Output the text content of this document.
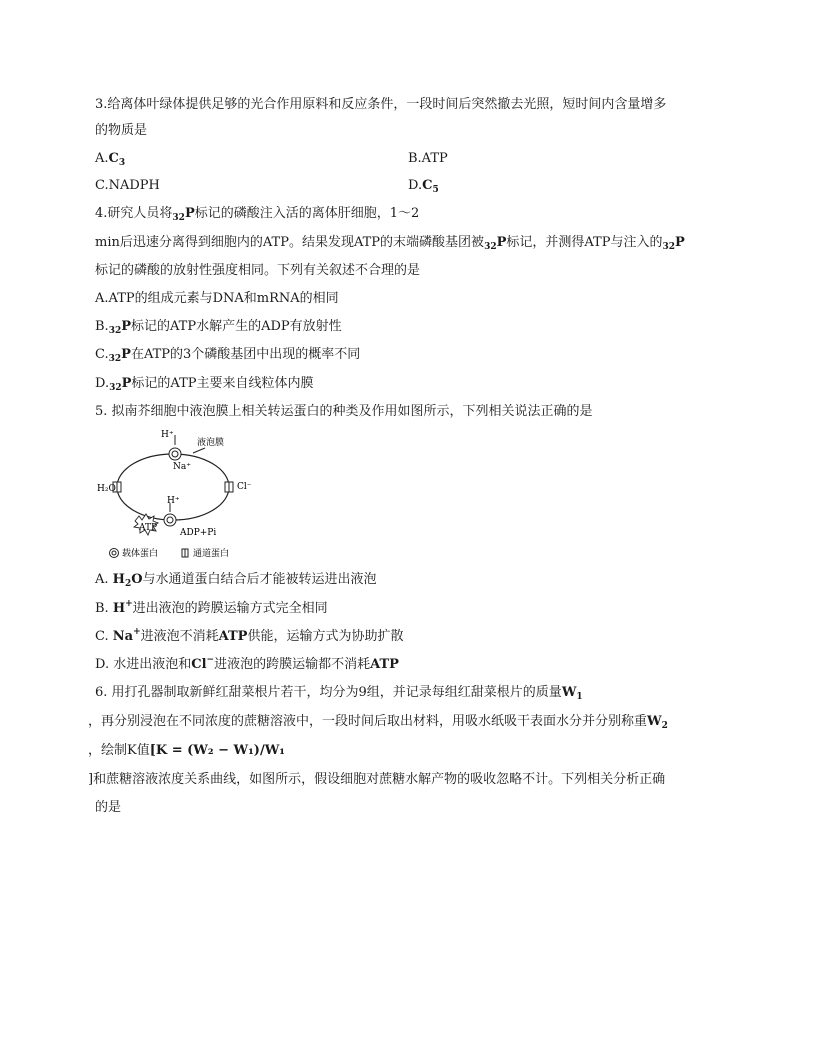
3.给离体叶绿体提供足够的光合作用原料和反应条件，一段时间后突然撤去光照，短时间内含量增多
的物质是
$A.C_3$	B.ATP
C.NADPH	$D.C_5$
4.研究人员将$_{32}$P标记的磷酸注入活的离体肝细胞，1～2
min后迅速分离得到细胞内的ATP。结果发现ATP的末端磷酸基团被$_{32}$P标记，并测得ATP与注入的$_{32}$P
标记的磷酸的放射性强度相同。下列有关叙述不合理的是
A.ATP的组成元素与DNA和mRNA的相同
$B._{32}P$标记的ATP水解产生的ADP有放射性
$C._{32}P$在ATP的3个磷酸基团中出现的概率不同
$D._{32}P$标记的ATP主要来自线粒体内膜
5. 拟南芥细胞中液泡膜上相关转运蛋白的种类及作用如图所示，下列相关说法正确的是
H⁺
Na⁺
液泡膜
H₂O	Cl⁻
H⁺
ATP	ADP+Pi
载体蛋白	通道蛋白
A. $H_2O$与水通道蛋白结合后才能被转运进出液泡
B. H+进出液泡的跨膜运输方式完全相同
C. Na+进液泡不消耗ATP供能，运输方式为协助扩散
D. 水进出液泡和Cl−进液泡的跨膜运输都不消耗ATP
6. 用打孔器制取新鲜红甜菜根片若干，均分为9组，并记录每组红甜菜根片的质量$W_1$
，再分别浸泡在不同浓度的蔗糖溶液中，一段时间后取出材料，用吸水纸吸干表面水分并分别称重$W_2$
，绘制K值[K = (W₂ − W₁)/W₁
]和蔗糖溶液浓度关系曲线，如图所示，假设细胞对蔗糖水解产物的吸收忽略不计。下列相关分析正确
的是
